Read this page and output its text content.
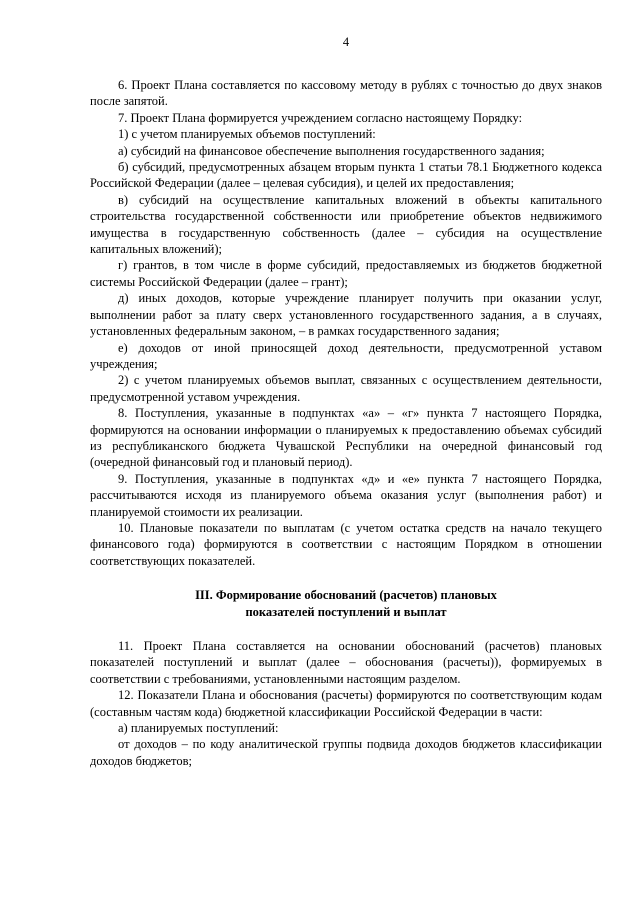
4

6. Проект Плана составляется по кассовому методу в рублях с точностью до двух знаков после запятой.

7. Проект Плана формируется учреждением согласно настоящему Порядку:

1) с учетом планируемых объемов поступлений:

а) субсидий на финансовое обеспечение выполнения государственного задания;

б) субсидий, предусмотренных абзацем вторым пункта 1 статьи 78.1 Бюджетного кодекса Российской Федерации (далее – целевая субсидия), и целей их предоставления;

в) субсидий на осуществление капитальных вложений в объекты капитального строительства государственной собственности или приобретение объектов недвижимого имущества в государственную собственность (далее – субсидия на осуществление капитальных вложений);

г) грантов, в том числе в форме субсидий, предоставляемых из бюджетов бюджетной системы Российской Федерации (далее – грант);

д) иных доходов, которые учреждение планирует получить при оказании услуг, выполнении работ за плату сверх установленного государственного задания, а в случаях, установленных федеральным законом, – в рамках государственного задания;

е) доходов от иной приносящей доход деятельности, предусмотренной уставом учреждения;

2) с учетом планируемых объемов выплат, связанных с осуществлением деятельности, предусмотренной уставом учреждения.

8. Поступления, указанные в подпунктах «а» – «г» пункта 7 настоящего Порядка, формируются на основании информации о планируемых к предоставлению объемах субсидий из республиканского бюджета Чувашской Республики на очередной финансовый год (очередной финансовый год и плановый период).

9. Поступления, указанные в подпунктах «д» и «е» пункта 7 настоящего Порядка, рассчитываются исходя из планируемого объема оказания услуг (выполнения работ) и планируемой стоимости их реализации.

10. Плановые показатели по выплатам (с учетом остатка средств на начало текущего финансового года) формируются в соответствии с настоящим Порядком в отношении соответствующих показателей.

III. Формирование обоснований (расчетов) плановых
показателей поступлений и выплат

11. Проект Плана составляется на основании обоснований (расчетов) плановых показателей поступлений и выплат (далее – обоснования (расчеты)), формируемых в соответствии с требованиями, установленными настоящим разделом.

12. Показатели Плана и обоснования (расчеты) формируются по соответствующим кодам (составным частям кода) бюджетной классификации Российской Федерации в части:

а) планируемых поступлений:

от доходов – по коду аналитической группы подвида доходов бюджетов классификации доходов бюджетов;
